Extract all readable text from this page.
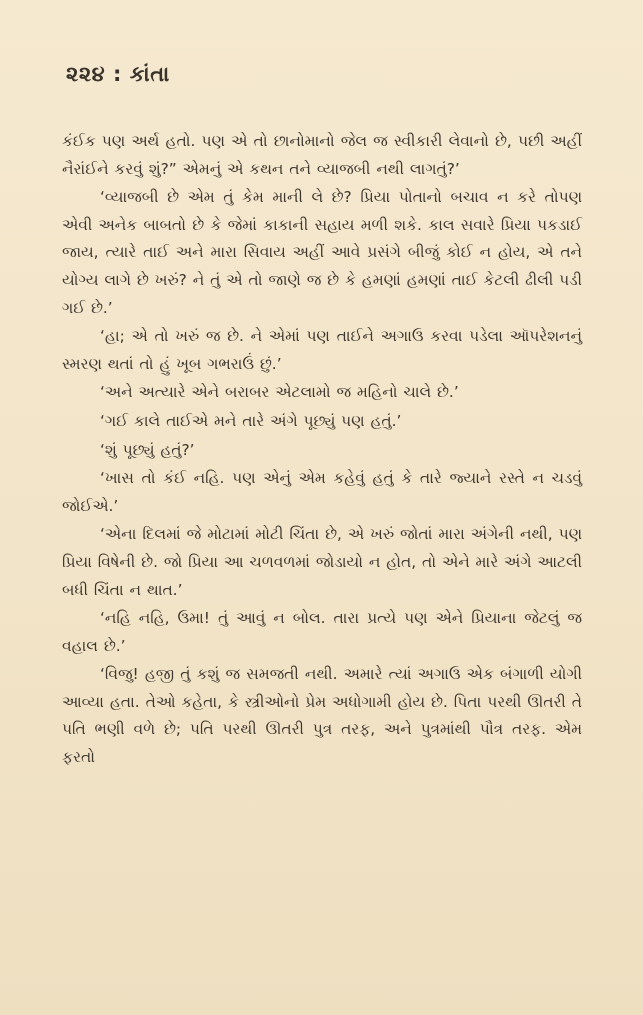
૨૨૪ : કાંતા

કંઈક પણ અર્થ હતો. પણ એ તો છાનોમાનો જેલ જ સ્વીકારી લેવાનો છે, પછી અહીં નૈરાંઈને કરવું શું?” એમનું એ કથન તને વ્યાજબી નથી લાગતું?’

‘વ્યાજબી છે એમ તું કેમ માની લે છે? પ્રિયા પોતાનો બચાવ ન કરે તોપણ એવી અનેક બાબતો છે કે જેમાં કાકાની સહાય મળી શકે. કાલ સવારે પ્રિયા પકડાઈ જાય, ત્યારે તાઈ અને મારા સિવાય અહીં આવે પ્રસંગે બીજું કોઈ ન હોય, એ તને યોગ્ય લાગે છે ખરું? ને તું એ તો જાણે જ છે કે હમણાં હમણાં તાઈ કેટલી ઢીલી પડી ગઈ છે.’

‘હા; એ તો ખરું જ છે. ને એમાં પણ તાઈને અગાઉ કરવા પડેલા ઑપરેશનનું સ્મરણ થતાં તો હું ખૂબ ગભરાઉં છું.’

‘અને અત્યારે એને બરાબર એટલામો જ મહિનો ચાલે છે.’

‘ગઈ કાલે તાઈએ મને તારે અંગે પૂછ્યું પણ હતું.’

‘શું પૂછ્યું હતું?’

‘ખાસ તો કંઈ નહિ. પણ એનું એમ કહેવું હતું કે તારે જ્યાને રસ્તે ન ચડવું જોઈએ.’

‘એના દિલમાં જે મોટામાં મોટી ચિંતા છે, એ ખરું જોતાં મારા અંગેની નથી, પણ પ્રિયા વિષેની છે. જો પ્રિયા આ ચળવળમાં જોડાયો ન હોત, તો એને મારે અંગે આટલી બધી ચિંતા ન થાત.’

‘નહિ નહિ, ઉમા! તું આવું ન બોલ. તારા પ્રત્યે પણ એને પ્રિયાના જેટલું જ વહાલ છે.’

‘વિજુ! હજી તું કશું જ સમજતી નથી. અમારે ત્યાં અગાઉ એક બંગાળી યોગી આવ્યા હતા. તેઓ કહેતા, કે સ્ત્રીઓનો પ્રેમ અધોગામી હોય છે. પિતા પરથી ઊતરી તે પતિ ભણી વળે છે; પતિ પરથી ઊતરી પુત્ર તરફ, અને પુત્રમાંથી પૌત્ર તરફ. એમ ફરતો
